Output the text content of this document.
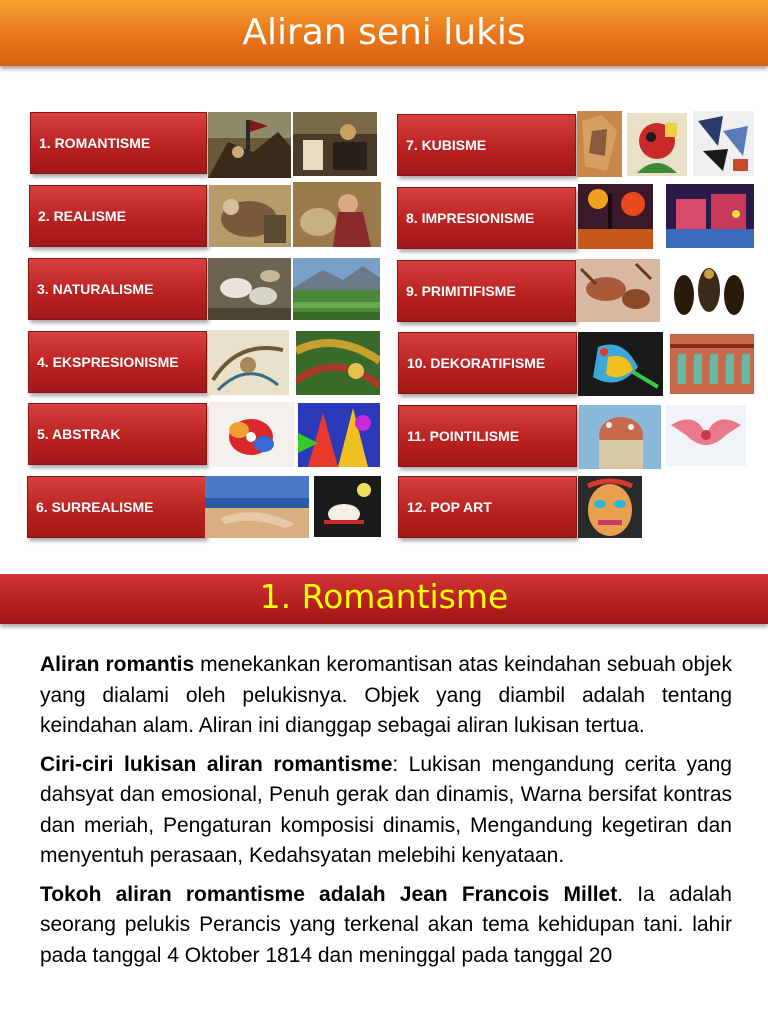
Aliran seni lukis
1. ROMANTISME
2. REALISME
3. NATURALISME
4. EKSPRESIONISME
5. ABSTRAK
6. SURREALISME
7. KUBISME
8. IMPRESIONISME
9. PRIMITIFISME
10. DEKORATIFISME
11. POINTILISME
12. POP ART
1. Romantisme

Aliran romantis menekankan keromantisan atas keindahan sebuah objek yang dialami oleh pelukisnya. Objek yang diambil adalah tentang keindahan alam. Aliran ini dianggap sebagai aliran lukisan tertua.

Ciri-ciri lukisan aliran romantisme: Lukisan mengandung cerita yang dahsyat dan emosional, Penuh gerak dan dinamis, Warna bersifat kontras dan meriah, Pengaturan komposisi dinamis, Mengandung kegetiran dan menyentuh perasaan, Kedahsyatan melebihi kenyataan.

Tokoh aliran romantisme adalah Jean Francois Millet. Ia adalah seorang pelukis Perancis yang terkenal akan tema kehidupan tani. lahir pada tanggal 4 Oktober 1814 dan meninggal pada tanggal 20
